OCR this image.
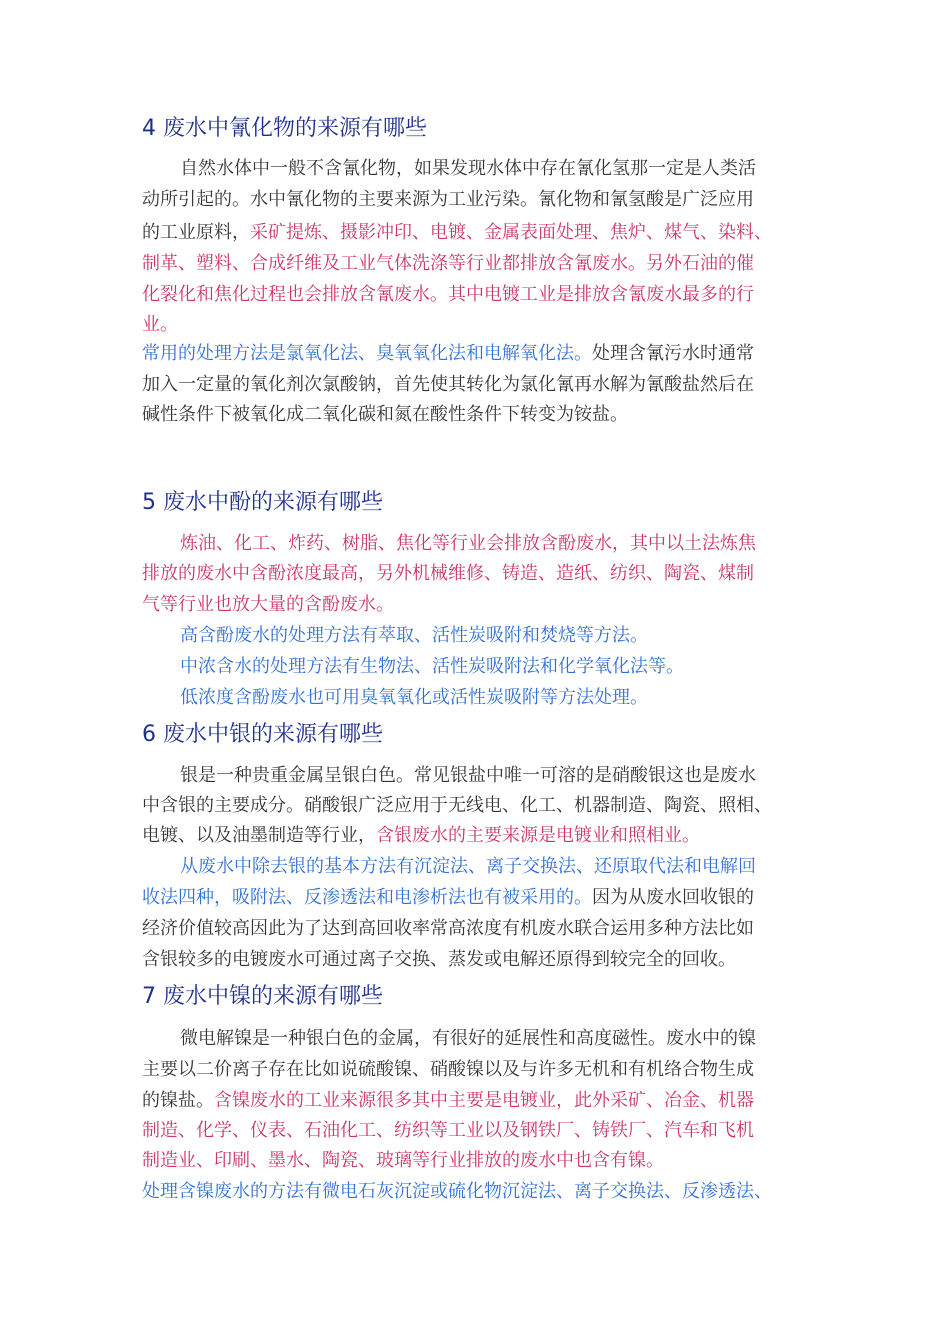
4 废水中氰化物的来源有哪些
自然水体中一般不含氰化物，如果发现水体中存在氰化氢那一定是人类活
动所引起的。水中氰化物的主要来源为工业污染。氰化物和氰氢酸是广泛应用
的工业原料，采矿提炼、摄影冲印、电镀、金属表面处理、焦炉、煤气、染料、
制革、塑料、合成纤维及工业气体洗涤等行业都排放含氰废水。另外石油的催
化裂化和焦化过程也会排放含氰废水。其中电镀工业是排放含氰废水最多的行
业。
常用的处理方法是氯氧化法、臭氧氧化法和电解氧化法。处理含氰污水时通常
加入一定量的氧化剂次氯酸钠，首先使其转化为氯化氰再水解为氰酸盐然后在
碱性条件下被氧化成二氧化碳和氮在酸性条件下转变为铵盐。
5 废水中酚的来源有哪些
炼油、化工、炸药、树脂、焦化等行业会排放含酚废水，其中以土法炼焦
排放的废水中含酚浓度最高，另外机械维修、铸造、造纸、纺织、陶瓷、煤制
气等行业也放大量的含酚废水。
高含酚废水的处理方法有萃取、活性炭吸附和焚烧等方法。
中浓含水的处理方法有生物法、活性炭吸附法和化学氧化法等。
低浓度含酚废水也可用臭氧氧化或活性炭吸附等方法处理。
6 废水中银的来源有哪些
银是一种贵重金属呈银白色。常见银盐中唯一可溶的是硝酸银这也是废水
中含银的主要成分。硝酸银广泛应用于无线电、化工、机器制造、陶瓷、照相、
电镀、以及油墨制造等行业，含银废水的主要来源是电镀业和照相业。
从废水中除去银的基本方法有沉淀法、离子交换法、还原取代法和电解回
收法四种，吸附法、反渗透法和电渗析法也有被采用的。因为从废水回收银的
经济价值较高因此为了达到高回收率常高浓度有机废水联合运用多种方法比如
含银较多的电镀废水可通过离子交换、蒸发或电解还原得到较完全的回收。
7 废水中镍的来源有哪些
微电解镍是一种银白色的金属，有很好的延展性和高度磁性。废水中的镍
主要以二价离子存在比如说硫酸镍、硝酸镍以及与许多无机和有机络合物生成
的镍盐。含镍废水的工业来源很多其中主要是电镀业，此外采矿、冶金、机器
制造、化学、仪表、石油化工、纺织等工业以及钢铁厂、铸铁厂、汽车和飞机
制造业、印刷、墨水、陶瓷、玻璃等行业排放的废水中也含有镍。
处理含镍废水的方法有微电石灰沉淀或硫化物沉淀法、离子交换法、反渗透法、
